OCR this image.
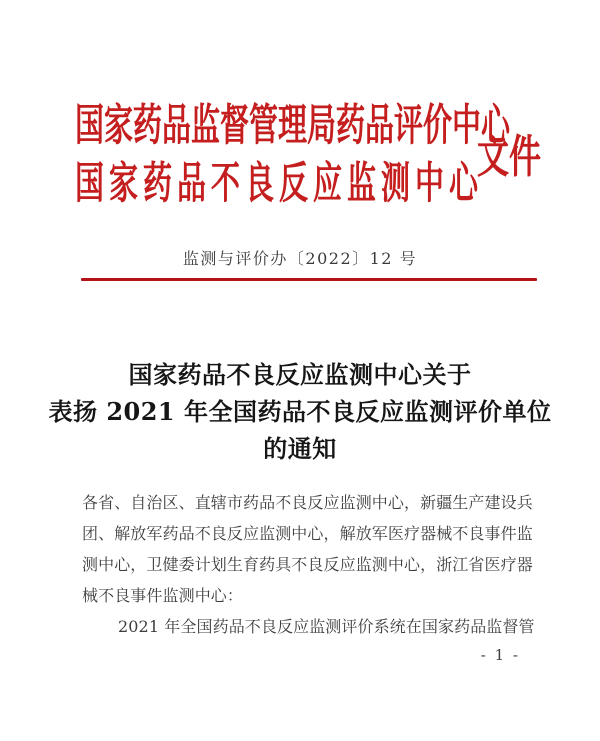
国家药品监督管理局药品评价中心
国家药品不良反应监测中心
文件
监测与评价办〔2022〕12 号
国家药品不良反应监测中心关于
表扬 2021 年全国药品不良反应监测评价单位
的通知
各省、自治区、直辖市药品不良反应监测中心，新疆生产建设兵
团、解放军药品不良反应监测中心，解放军医疗器械不良事件监
测中心，卫健委计划生育药具不良反应监测中心，浙江省医疗器
械不良事件监测中心：
2021 年全国药品不良反应监测评价系统在国家药品监督管
- 1 -
